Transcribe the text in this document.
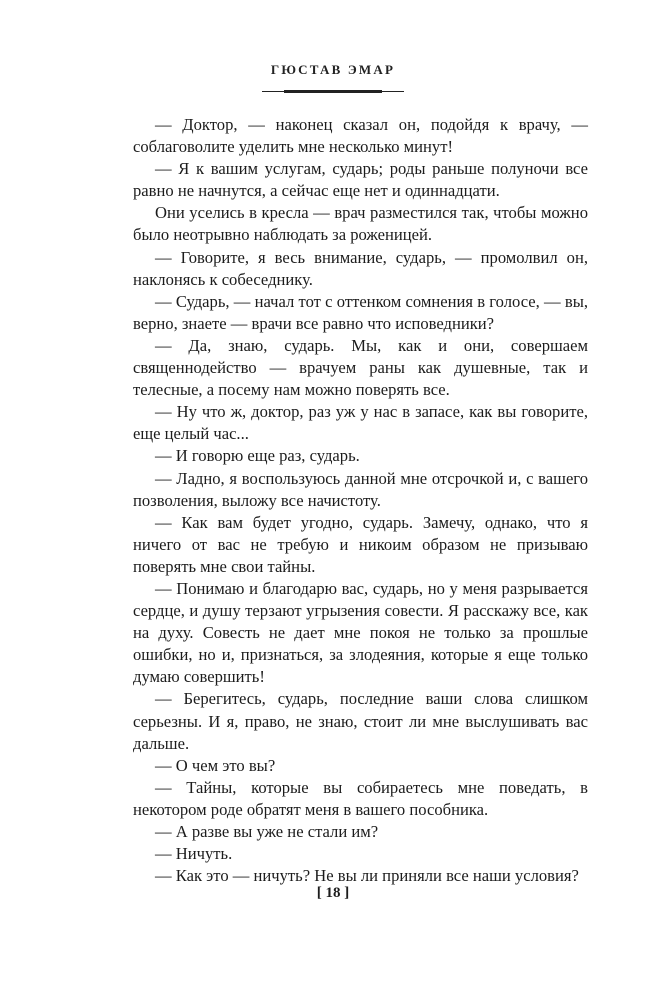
ГЮСТАВ ЭМАР

— Доктор, — наконец сказал он, подойдя к врачу, — соблаговолите уделить мне несколько минут!

— Я к вашим услугам, сударь; роды раньше полуночи все равно не начнутся, а сейчас еще нет и одиннадцати.

Они уселись в кресла — врач разместился так, чтобы можно было неотрывно наблюдать за роженицей.

— Говорите, я весь внимание, сударь, — промолвил он, наклонясь к собеседнику.

— Сударь, — начал тот с оттенком сомнения в голосе, — вы, верно, знаете — врачи все равно что исповедники?

— Да, знаю, сударь. Мы, как и они, совершаем священнодейство — врачуем раны как душевные, так и телесные, а посему нам можно поверять все.

— Ну что ж, доктор, раз уж у нас в запасе, как вы говорите, еще целый час...

— И говорю еще раз, сударь.

— Ладно, я воспользуюсь данной мне отсрочкой и, с вашего позволения, выложу все начистоту.

— Как вам будет угодно, сударь. Замечу, однако, что я ничего от вас не требую и никоим образом не призываю поверять мне свои тайны.

— Понимаю и благодарю вас, сударь, но у меня разрывается сердце, и душу терзают угрызения совести. Я расскажу все, как на духу. Совесть не дает мне покоя не только за прошлые ошибки, но и, признаться, за злодеяния, которые я еще только думаю совершить!

— Берегитесь, сударь, последние ваши слова слишком серьезны. И я, право, не знаю, стоит ли мне выслушивать вас дальше.

— О чем это вы?

— Тайны, которые вы собираетесь мне поведать, в некотором роде обратят меня в вашего пособника.

— А разве вы уже не стали им?

— Ничуть.

— Как это — ничуть? Не вы ли приняли все наши условия?

[ 18 ]
